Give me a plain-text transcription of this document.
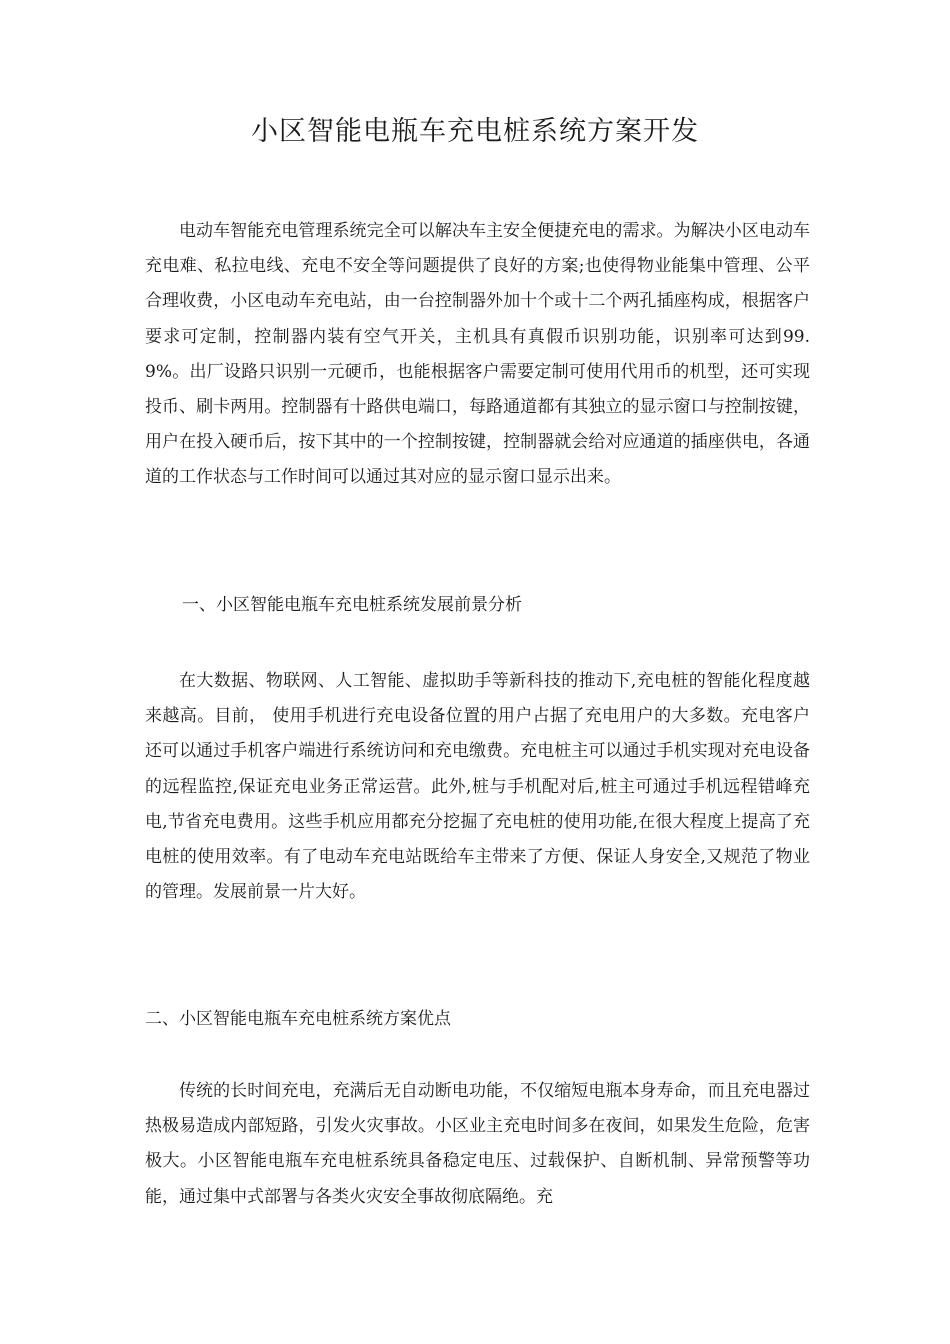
小区智能电瓶车充电桩系统方案开发

电动车智能充电管理系统完全可以解决车主安全便捷充电的需求。为解决小区电动车充电难、私拉电线、充电不安全等问题提供了良好的方案;也使得物业能集中管理、公平合理收费，小区电动车充电站，由一台控制器外加十个或十二个两孔插座构成，根据客户要求可定制，控制器内装有空气开关，主机具有真假币识别功能，识别率可达到99.9%。出厂设路只识别一元硬币，也能根据客户需要定制可使用代用币的机型，还可实现投币、刷卡两用。控制器有十路供电端口，每路通道都有其独立的显示窗口与控制按键，用户在投入硬币后，按下其中的一个控制按键，控制器就会给对应通道的插座供电，各通道的工作状态与工作时间可以通过其对应的显示窗口显示出来。

一、小区智能电瓶车充电桩系统发展前景分析

在大数据、物联网、人工智能、虚拟助手等新科技的推动下,充电桩的智能化程度越来越高。目前， 使用手机进行充电设备位置的用户占据了充电用户的大多数。充电客户还可以通过手机客户端进行系统访问和充电缴费。充电桩主可以通过手机实现对充电设备的远程监控,保证充电业务正常运营。此外,桩与手机配对后,桩主可通过手机远程错峰充电,节省充电费用。这些手机应用都充分挖掘了充电桩的使用功能,在很大程度上提高了充电桩的使用效率。有了电动车充电站既给车主带来了方便、保证人身安全,又规范了物业的管理。发展前景一片大好。

二、小区智能电瓶车充电桩系统方案优点

传统的长时间充电，充满后无自动断电功能，不仅缩短电瓶本身寿命，而且充电器过热极易造成内部短路，引发火灾事故。小区业主充电时间多在夜间，如果发生危险，危害极大。小区智能电瓶车充电桩系统具备稳定电压、过载保护、自断机制、异常预警等功能，通过集中式部署与各类火灾安全事故彻底隔绝。充
